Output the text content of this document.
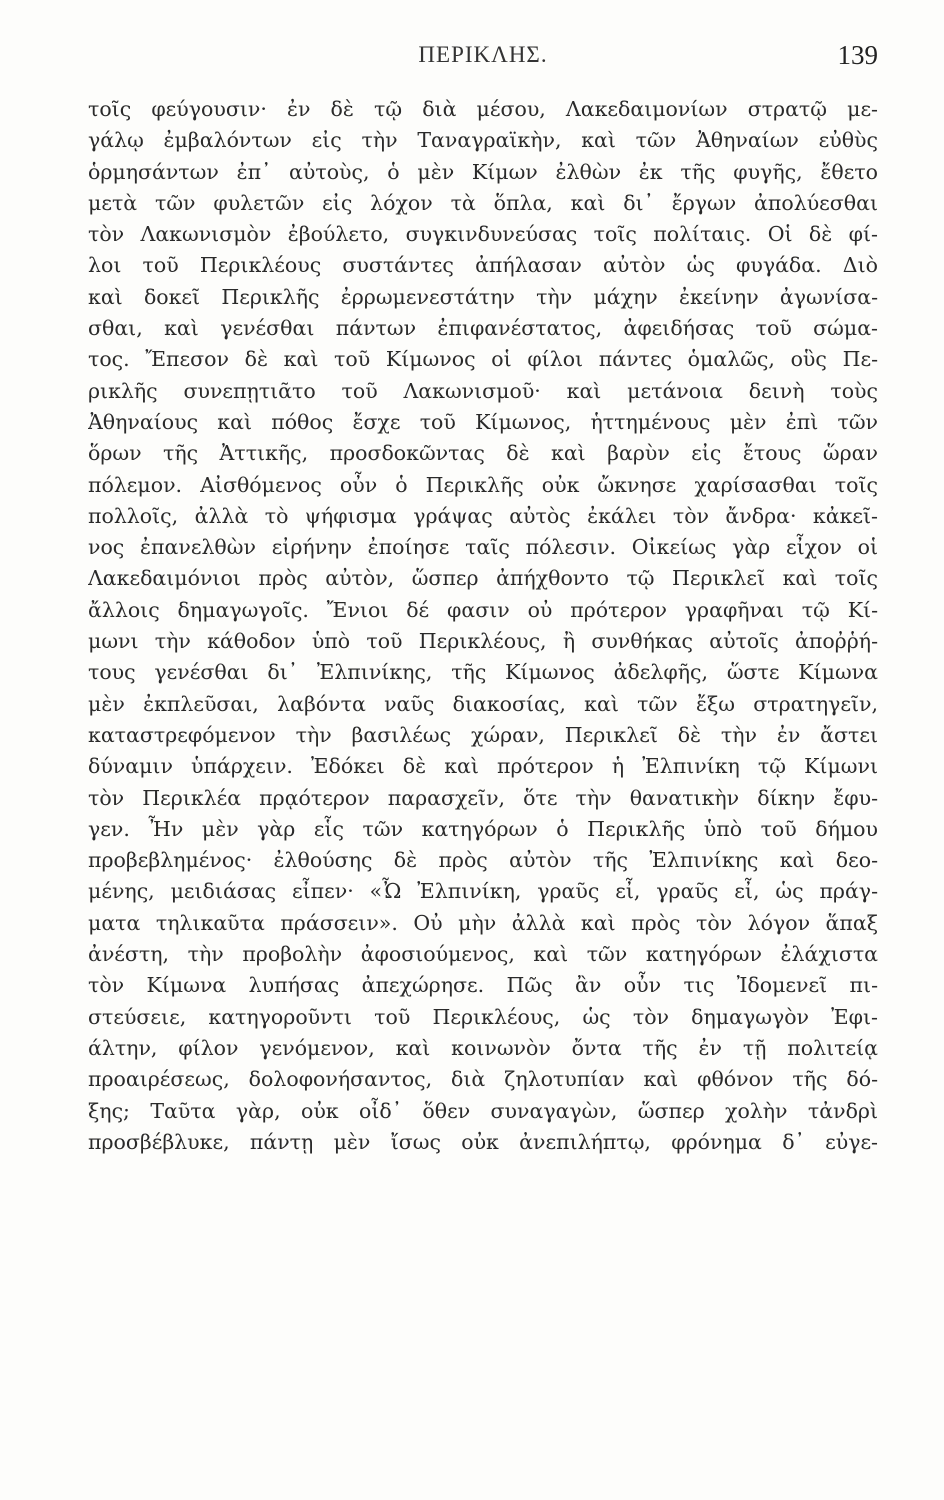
ΠΕΡΙΚΛΗΣ.	139
τοῖς φεύγουσιν· ἐν δὲ τῷ διὰ μέσου, Λακεδαιμονίων στρατῷ με-
γάλῳ ἐμβαλόντων εἰς τὴν Ταναγραϊκὴν, καὶ τῶν Ἀθηναίων εὐθὺς
ὁρμησάντων ἐπ᾽ αὐτοὺς, ὁ μὲν Κίμων ἐλθὼν ἐκ τῆς φυγῆς, ἔθετο
μετὰ τῶν φυλετῶν εἰς λόχον τὰ ὅπλα, καὶ δι᾽ ἔργων ἀπολύεσθαι
τὸν Λακωνισμὸν ἐβούλετο, συγκινδυνεύσας τοῖς πολίταις. Οἱ δὲ φί-
λοι τοῦ Περικλέους συστάντες ἀπήλασαν αὐτὸν ὡς φυγάδα. Διὸ
καὶ δοκεῖ Περικλῆς ἐρρωμενεστάτην τὴν μάχην ἐκείνην ἀγωνίσα-
σθαι, καὶ γενέσθαι πάντων ἐπιφανέστατος, ἀφειδήσας τοῦ σώμα-
τος. Ἔπεσον δὲ καὶ τοῦ Κίμωνος οἱ φίλοι πάντες ὁμαλῶς, οὓς Πε-
ρικλῆς συνεπῃτιᾶτο τοῦ Λακωνισμοῦ· καὶ μετάνοια δεινὴ τοὺς
Ἀθηναίους καὶ πόθος ἔσχε τοῦ Κίμωνος, ἡττημένους μὲν ἐπὶ τῶν
ὅρων τῆς Ἀττικῆς, προσδοκῶντας δὲ καὶ βαρὺν εἰς ἔτους ὥραν
πόλεμον. Αἰσθόμενος οὖν ὁ Περικλῆς οὐκ ὤκνησε χαρίσασθαι τοῖς
πολλοῖς, ἀλλὰ τὸ ψήφισμα γράψας αὐτὸς ἐκάλει τὸν ἄνδρα· κἀκεῖ-
νος ἐπανελθὼν εἰρήνην ἐποίησε ταῖς πόλεσιν. Οἰκείως γὰρ εἶχον οἱ
Λακεδαιμόνιοι πρὸς αὐτὸν, ὥσπερ ἀπήχθοντο τῷ Περικλεῖ καὶ τοῖς
ἄλλοις δημαγωγοῖς. Ἔνιοι δέ φασιν οὐ πρότερον γραφῆναι τῷ Κί-
μωνι τὴν κάθοδον ὑπὸ τοῦ Περικλέους, ἢ συνθήκας αὐτοῖς ἀποῤῥή-
τους γενέσθαι δι᾽ Ἐλπινίκης, τῆς Κίμωνος ἀδελφῆς, ὥστε Κίμωνα
μὲν ἐκπλεῦσαι, λαβόντα ναῦς διακοσίας, καὶ τῶν ἔξω στρατηγεῖν,
καταστρεφόμενον τὴν βασιλέως χώραν, Περικλεῖ δὲ τὴν ἐν ἄστει
δύναμιν ὑπάρχειν. Ἐδόκει δὲ καὶ πρότερον ἡ Ἐλπινίκη τῷ Κίμωνι
τὸν Περικλέα πρᾳότερον παρασχεῖν, ὅτε τὴν θανατικὴν δίκην ἔφυ-
γεν. Ἦν μὲν γὰρ εἷς τῶν κατηγόρων ὁ Περικλῆς ὑπὸ τοῦ δήμου
προβεβλημένος· ἐλθούσης δὲ πρὸς αὐτὸν τῆς Ἐλπινίκης καὶ δεο-
μένης, μειδιάσας εἶπεν· «Ὦ Ἐλπινίκη, γραῦς εἶ, γραῦς εἶ, ὡς πράγ-
ματα τηλικαῦτα πράσσειν». Οὐ μὴν ἀλλὰ καὶ πρὸς τὸν λόγον ἅπαξ
ἀνέστη, τὴν προβολὴν ἀφοσιούμενος, καὶ τῶν κατηγόρων ἐλάχιστα
τὸν Κίμωνα λυπήσας ἀπεχώρησε. Πῶς ἂν οὖν τις Ἰδομενεῖ πι-
στεύσειε, κατηγοροῦντι τοῦ Περικλέους, ὡς τὸν δημαγωγὸν Ἐφι-
άλτην, φίλον γενόμενον, καὶ κοινωνὸν ὄντα τῆς ἐν τῇ πολιτείᾳ
προαιρέσεως, δολοφονήσαντος, διὰ ζηλοτυπίαν καὶ φθόνον τῆς δό-
ξης; Ταῦτα γὰρ, οὐκ οἶδ᾽ ὅθεν συναγαγὼν, ὥσπερ χολὴν τἀνδρὶ
προσβέβλυκε, πάντῃ μὲν ἴσως οὐκ ἀνεπιλήπτῳ, φρόνημα δ᾽ εὐγε-
